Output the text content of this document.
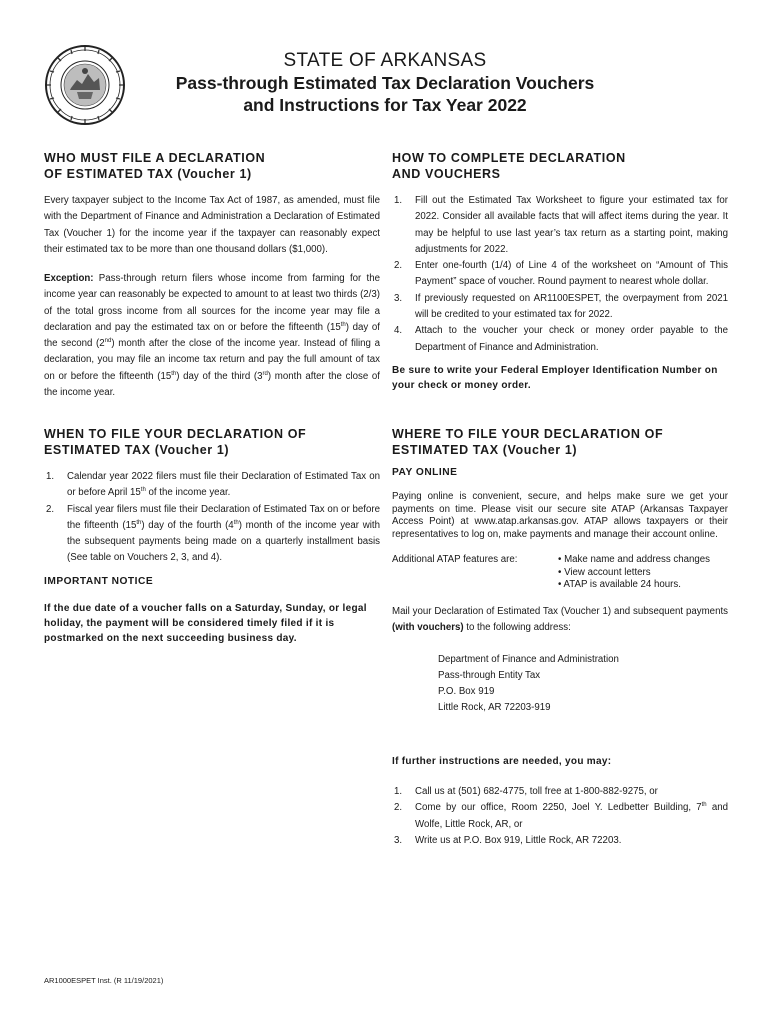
STATE OF ARKANSAS
Pass-through Estimated Tax Declaration Vouchers
and Instructions for Tax Year 2022
WHO MUST FILE A DECLARATION
OF ESTIMATED TAX (Voucher 1)

Every taxpayer subject to the Income Tax Act of 1987, as amended, must file with the Department of Finance and Administration a Declaration of Estimated Tax (Voucher 1) for the income year if the taxpayer can reasonably expect their estimated tax to be more than one thousand dollars ($1,000).

Exception: Pass-through return filers whose income from farming for the income year can reasonably be expected to amount to at least two thirds (2/3) of the total gross income from all sources for the income year may file a declaration and pay the estimated tax on or before the fifteenth (15th) day of the second (2nd) month after the close of the income year. Instead of filing a declaration, you may file an income tax return and pay the full amount of tax on or before the fifteenth (15th) day of the third (3rd) month after the close of the income year.

WHEN TO FILE YOUR DECLARATION OF
ESTIMATED TAX (Voucher 1)
1. Calendar year 2022 filers must file their Declaration of Estimated Tax on or before April 15th of the income year.
2. Fiscal year filers must file their Declaration of Estimated Tax on or before the fifteenth (15th) day of the fourth (4th) month of the income year with the subsequent payments being made on a quarterly installment basis (See table on Vouchers 2, 3, and 4).
IMPORTANT NOTICE

If the due date of a voucher falls on a Saturday, Sunday, or legal holiday, the payment will be considered timely filed if it is postmarked on the next succeeding business day.

HOW TO COMPLETE DECLARATION
AND VOUCHERS
1. Fill out the Estimated Tax Worksheet to figure your estimated tax for 2022. Consider all available facts that will affect items during the year. It may be helpful to use last year’s tax return as a starting point, making adjustments for 2022.
2. Enter one-fourth (1/4) of Line 4 of the worksheet on “Amount of This Payment” space of voucher. Round payment to nearest whole dollar.
3. If previously requested on AR1100ESPET, the overpayment from 2021 will be credited to your estimated tax for 2022.
4. Attach to the voucher your check or money order payable to the Department of Finance and Administration.

Be sure to write your Federal Employer Identification Number on your check or money order.

WHERE TO FILE YOUR DECLARATION OF
ESTIMATED TAX (Voucher 1)
PAY ONLINE

Paying online is convenient, secure, and helps make sure we get your payments on time. Please visit our secure site ATAP (Arkansas Taxpayer Access Point) at www.atap.arkansas.gov. ATAP allows taxpayers or their representatives to log on, make payments and manage their account online.

Additional ATAP features are:	• Make name and address changes
• View account letters
• ATAP is available 24 hours.

Mail your Declaration of Estimated Tax (Voucher 1) and subsequent payments (with vouchers) to the following address:

Department of Finance and Administration
Pass-through Entity Tax
P.O. Box 919
Little Rock, AR 72203-919

If further instructions are needed, you may:

1. Call us at (501) 682-4775, toll free at 1-800-882-9275, or
2. Come by our office, Room 2250, Joel Y. Ledbetter Building, 7th and Wolfe, Little Rock, AR, or
3. Write us at P.O. Box 919, Little Rock, AR 72203.
AR1000ESPET Inst. (R 11/19/2021)
